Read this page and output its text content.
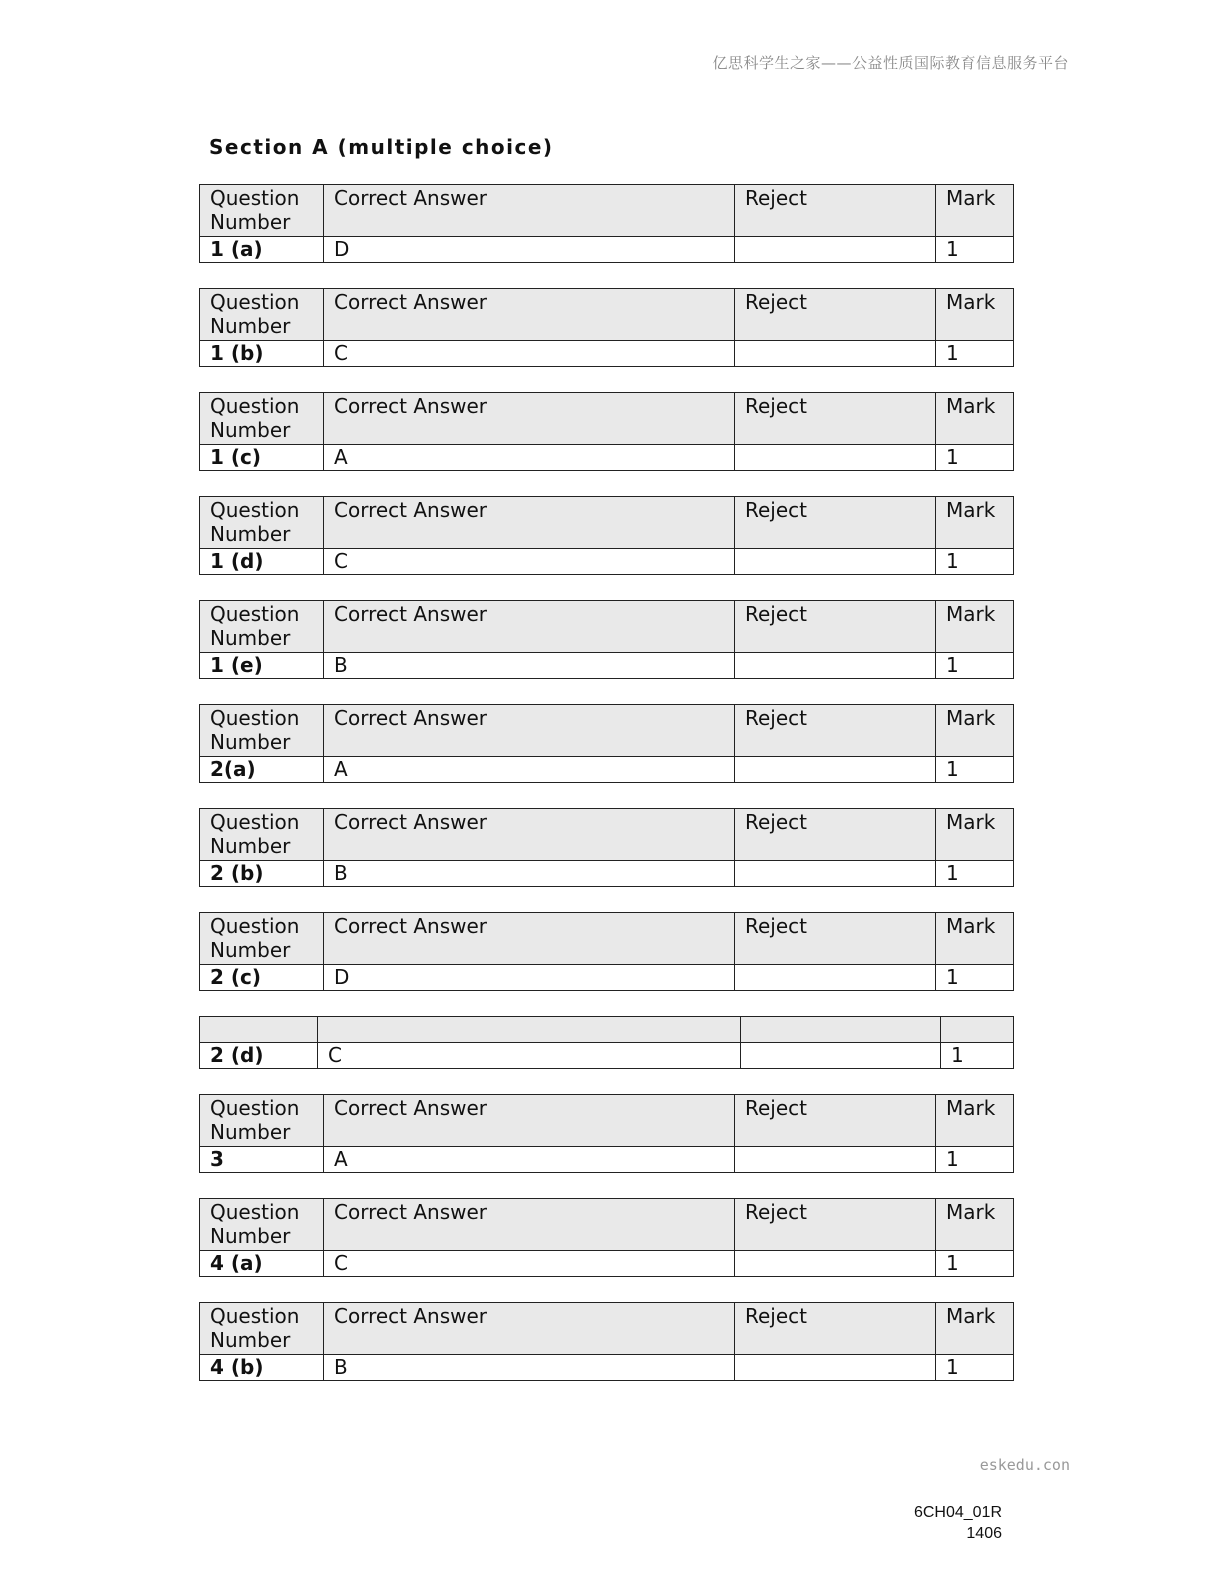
亿思科学生之家——公益性质国际教育信息服务平台
Section A (multiple choice)
Question Number	Correct Answer	Reject	Mark
1 (a)	D		1
Question Number	Correct Answer	Reject	Mark
1 (b)	C		1
Question Number	Correct Answer	Reject	Mark
1 (c)	A		1
Question Number	Correct Answer	Reject	Mark
1 (d)	C		1
Question Number	Correct Answer	Reject	Mark
1 (e)	B		1
Question Number	Correct Answer	Reject	Mark
2(a)	A		1
Question Number	Correct Answer	Reject	Mark
2 (b)	B		1
Question Number	Correct Answer	Reject	Mark
2 (c)	D		1

2 (d)	C		1
Question Number	Correct Answer	Reject	Mark
3	A		1
Question Number	Correct Answer	Reject	Mark
4 (a)	C		1
Question Number	Correct Answer	Reject	Mark
4 (b)	B		1
eskedu.con
6CH04_01R
1406
